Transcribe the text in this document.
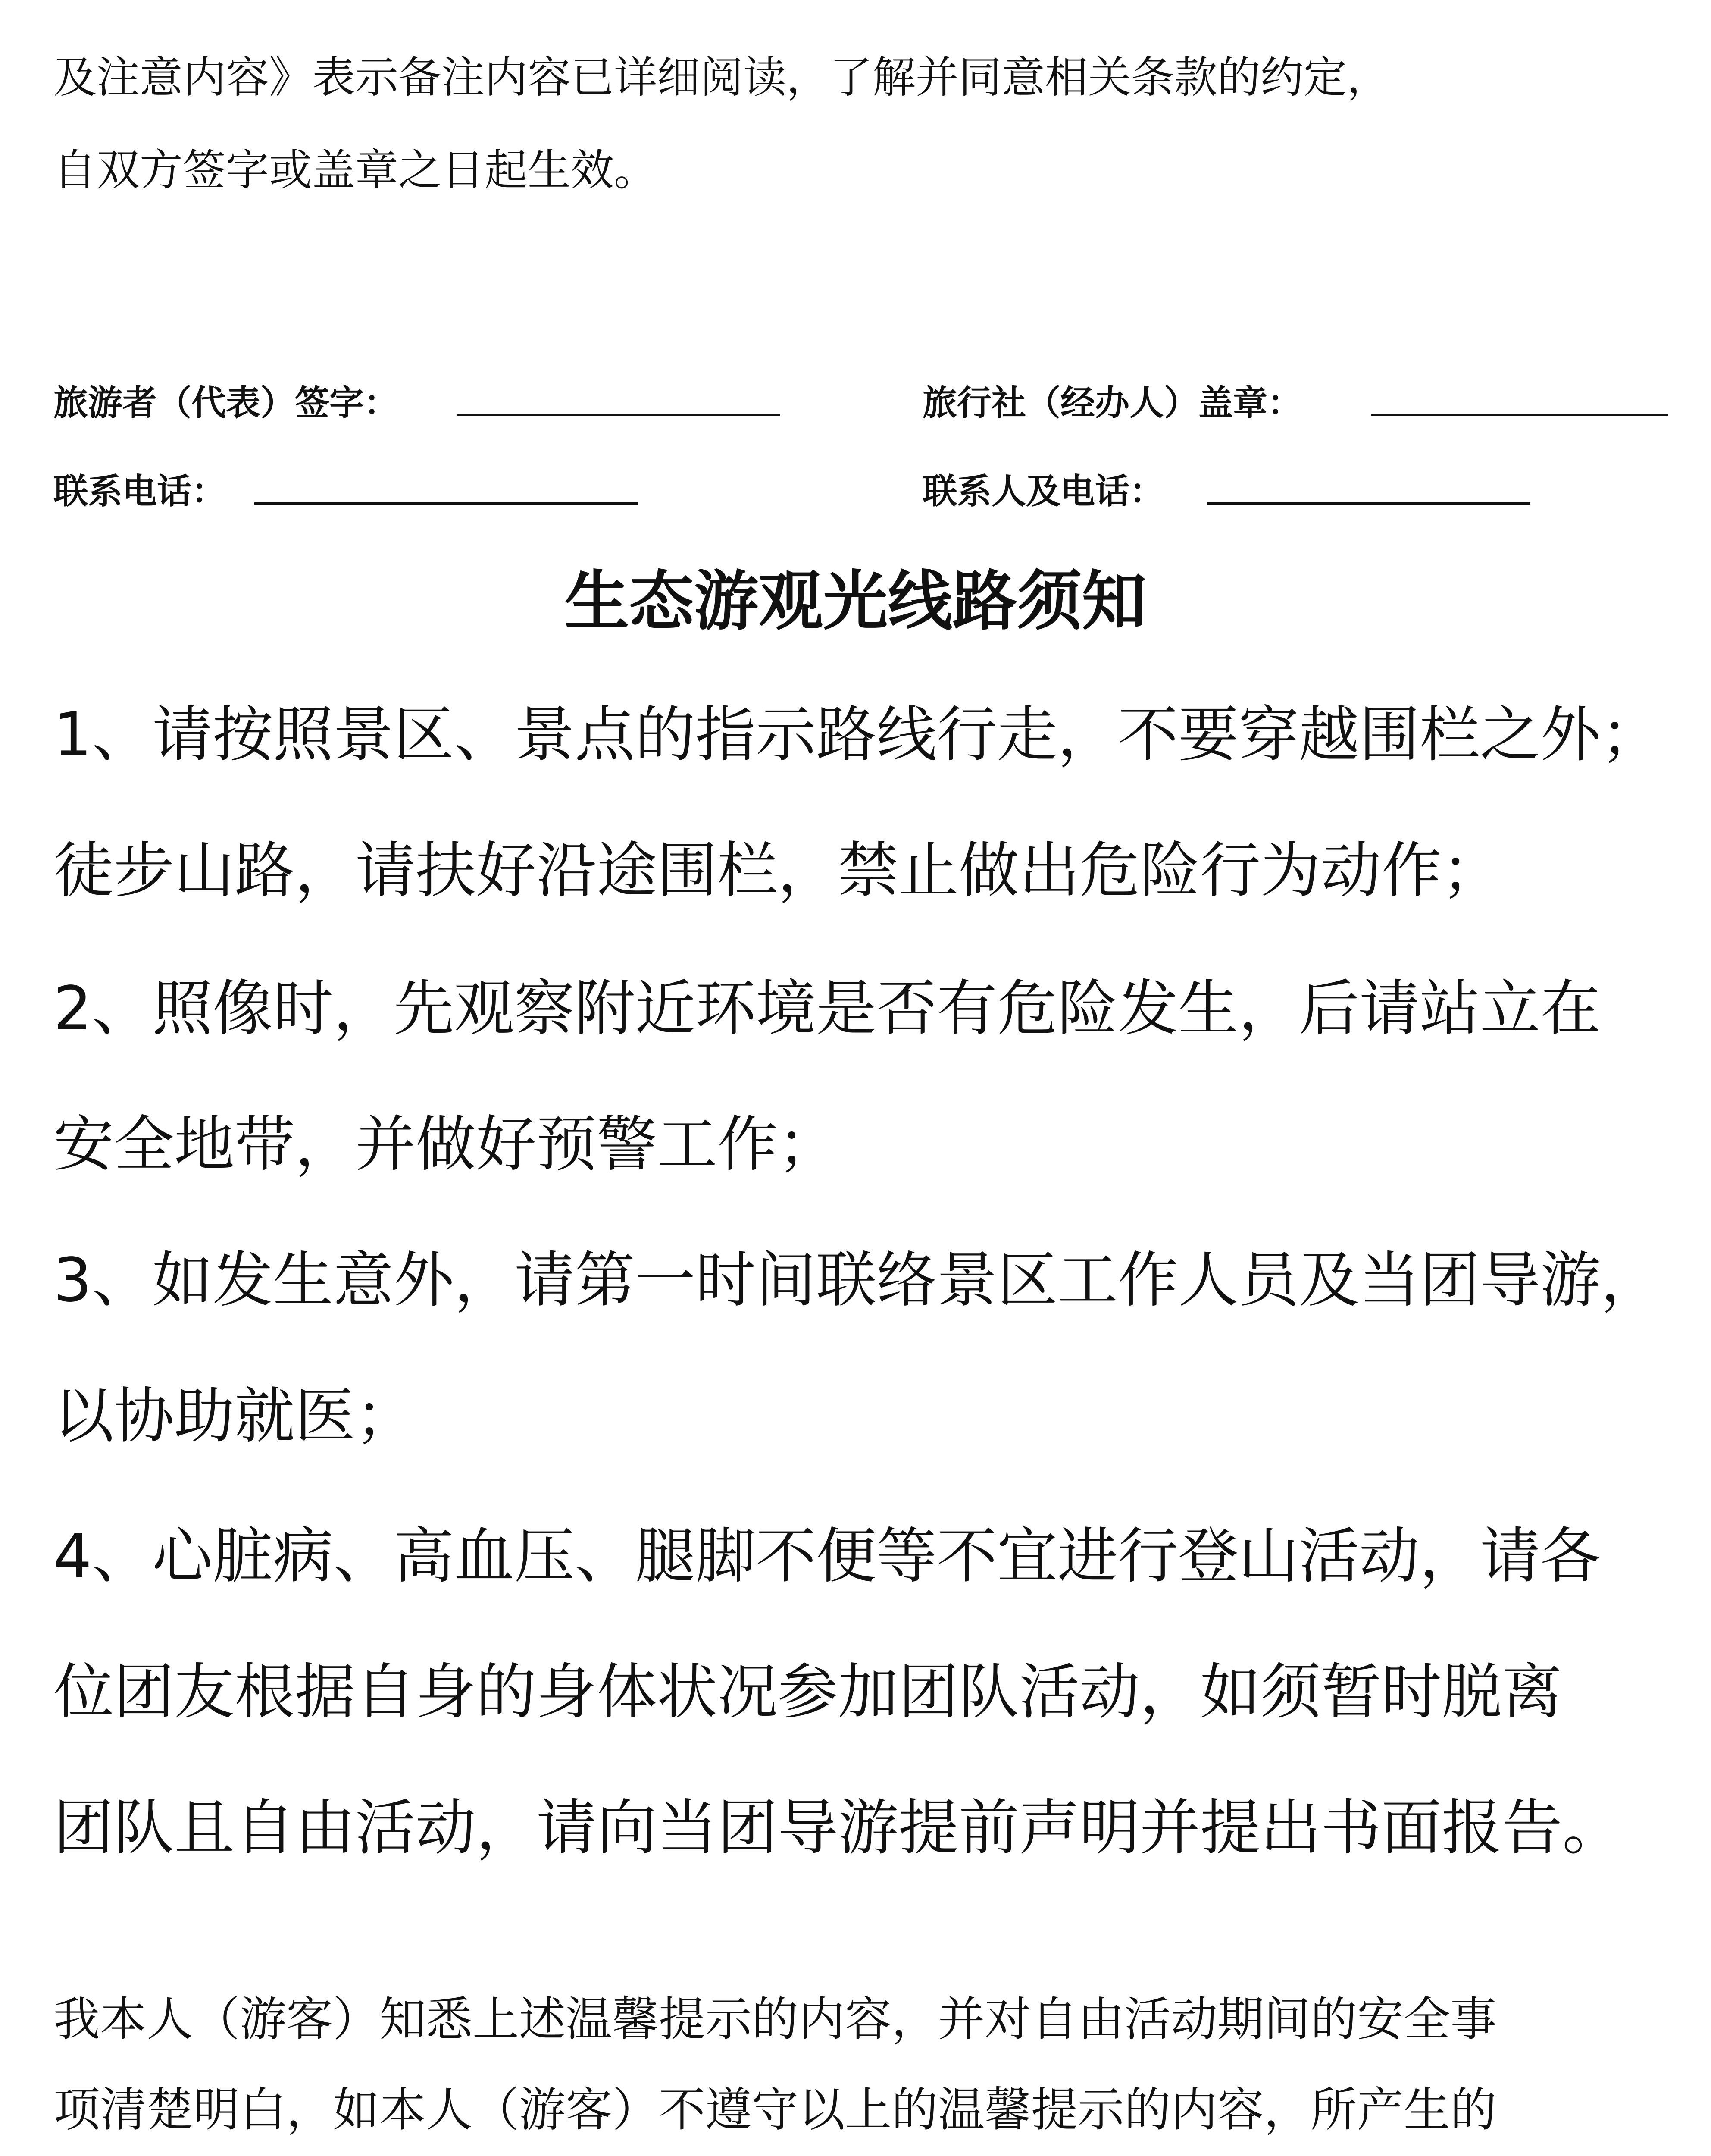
及注意内容》表示备注内容已详细阅读，了解并同意相关条款的约定，

自双方签字或盖章之日起生效。

旅游者（代表）签字：	旅行社（经办人）盖章：
联系电话：	联系人及电话：
生态游观光线路须知

1、请按照景区、景点的指示路线行走，不要穿越围栏之外；

徒步山路，请扶好沿途围栏，禁止做出危险行为动作；

2、照像时，先观察附近环境是否有危险发生，后请站立在

安全地带，并做好预警工作；

3、如发生意外，请第一时间联络景区工作人员及当团导游，

以协助就医；

4、心脏病、高血压、腿脚不便等不宜进行登山活动，请各

位团友根据自身的身体状况参加团队活动，如须暂时脱离

团队且自由活动，请向当团导游提前声明并提出书面报告。

我本人（游客）知悉上述温馨提示的内容，并对自由活动期间的安全事

项清楚明白，如本人（游客）不遵守以上的温馨提示的内容，所产生的
